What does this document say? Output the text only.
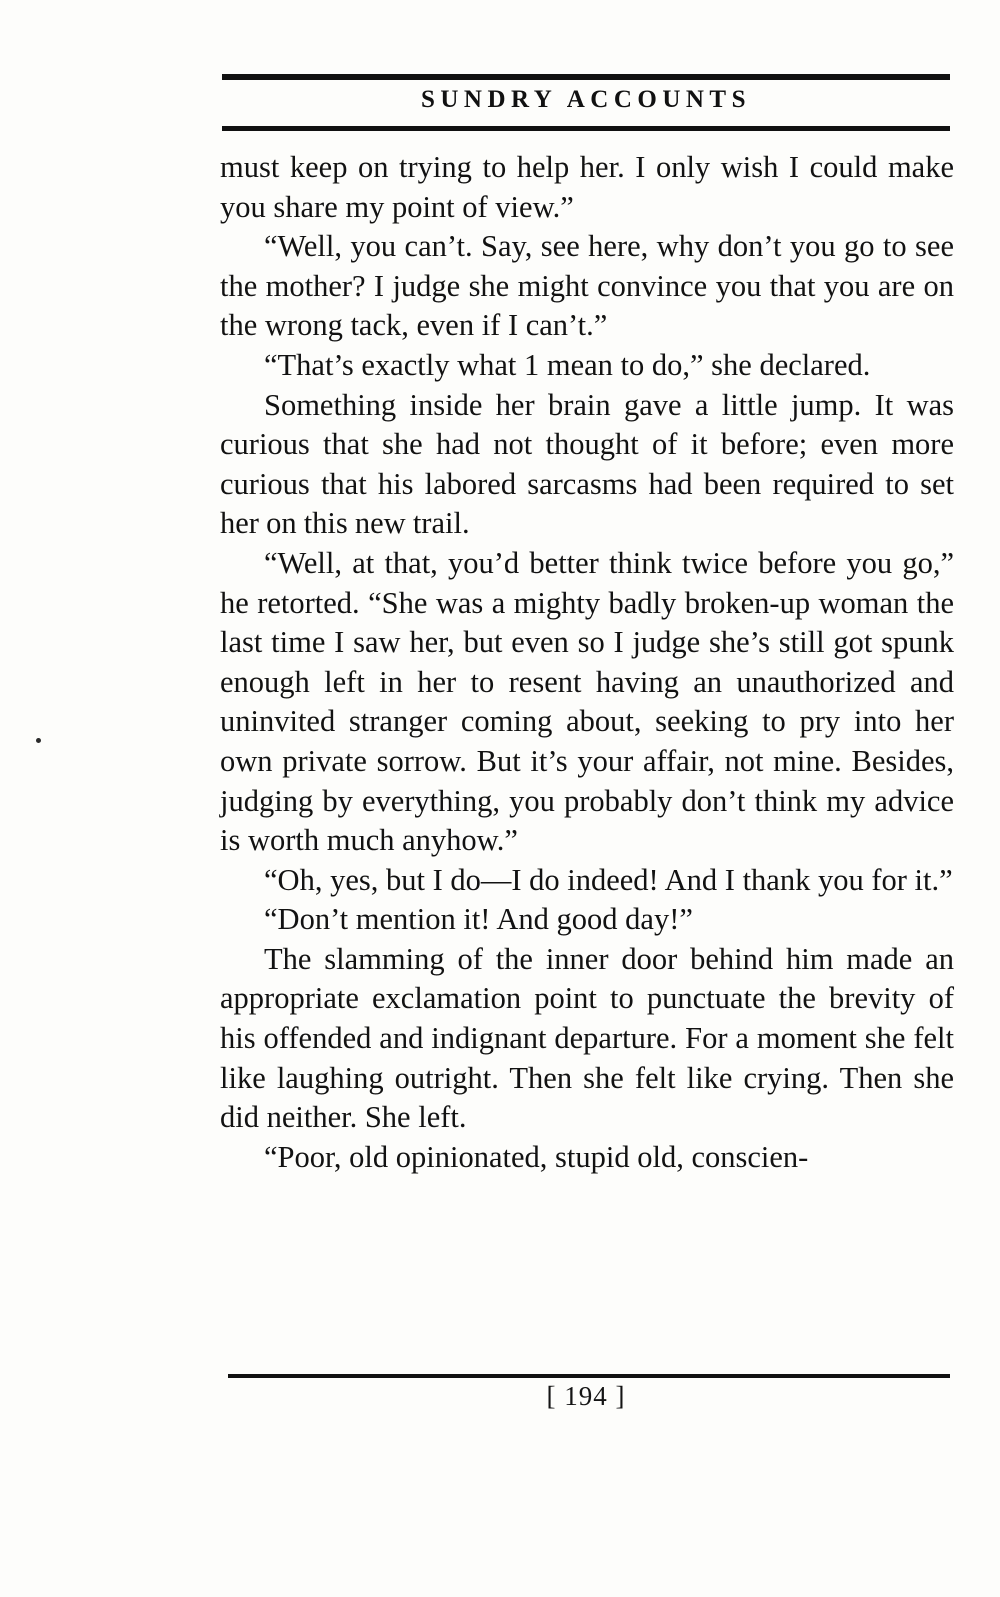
SUNDRY ACCOUNTS

must keep on trying to help her. I only wish I could make you share my point of view.”

“Well, you can’t. Say, see here, why don’t you go to see the mother? I judge she might convince you that you are on the wrong tack, even if I can’t.”

“That’s exactly what 1 mean to do,” she declared.

Something inside her brain gave a little jump. It was curious that she had not thought of it before; even more curious that his labored sarcasms had been required to set her on this new trail.

“Well, at that, you’d better think twice before you go,” he retorted. “She was a mighty badly broken-up woman the last time I saw her, but even so I judge she’s still got spunk enough left in her to resent having an unauthorized and uninvited stranger coming about, seeking to pry into her own private sorrow. But it’s your affair, not mine. Besides, judging by everything, you probably don’t think my advice is worth much anyhow.”

“Oh, yes, but I do—I do indeed! And I thank you for it.”

“Don’t mention it! And good day!”

The slamming of the inner door behind him made an appropriate exclamation point to punctuate the brevity of his offended and indignant departure. For a moment she felt like laughing outright. Then she felt like crying. Then she did neither. She left.

“Poor, old opinionated, stupid old, conscien-

[ 194 ]
